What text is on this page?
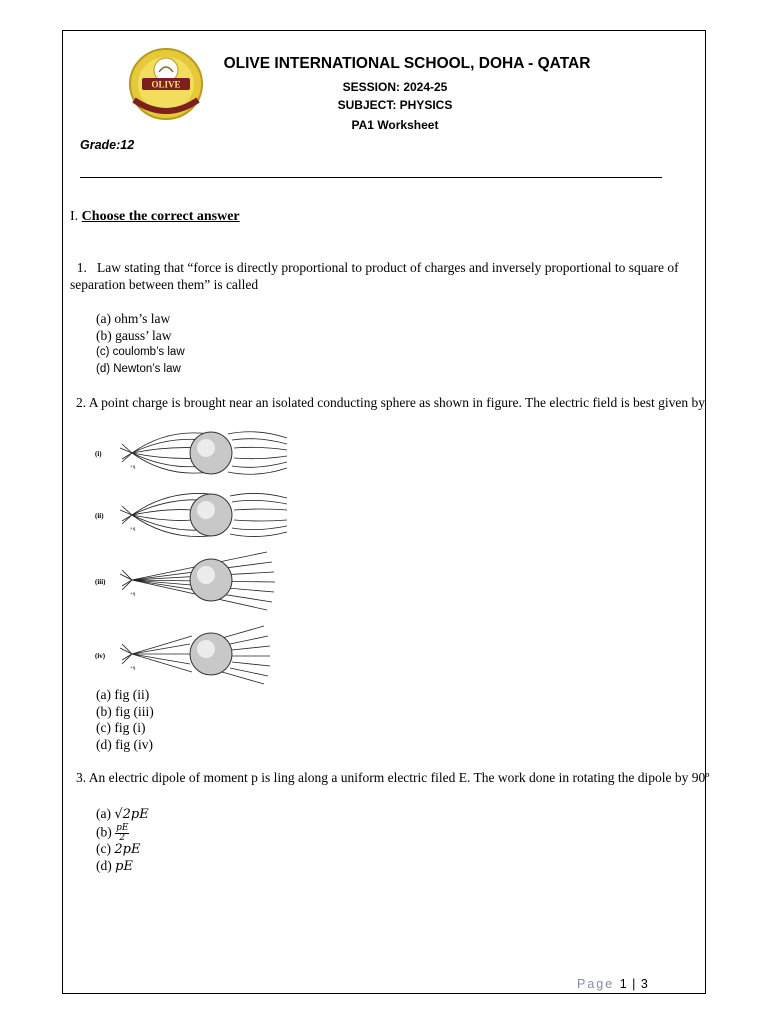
OLIVE
OLIVE INTERNATIONAL SCHOOL, DOHA - QATAR
SESSION: 2024-25
SUBJECT: PHYSICS
PA1 Worksheet
Grade:12
I. Choose the correct answer
1. Law stating that “force is directly proportional to product of charges and inversely proportional to square of separation between them” is called
(a) ohm’s law
(b) gauss’ law
(c) coulomb’s law
(d) Newton’s law
2. A point charge is brought near an isolated conducting sphere as shown in figure. The electric field is best given by
(i)
+q
(ii)
+q
(iii)
+q
(iv)
+q
(a) fig (ii)
(b) fig (iii)
(c) fig (i)
(d) fig (iv)
3. An electric dipole of moment p is ling along a uniform electric filed E. The work done in rotating the dipole by 90º
(a) √2pE
$(b) \frac{pE}{2}$
(c) 2pE
(d) pE
Page 1 | 3
